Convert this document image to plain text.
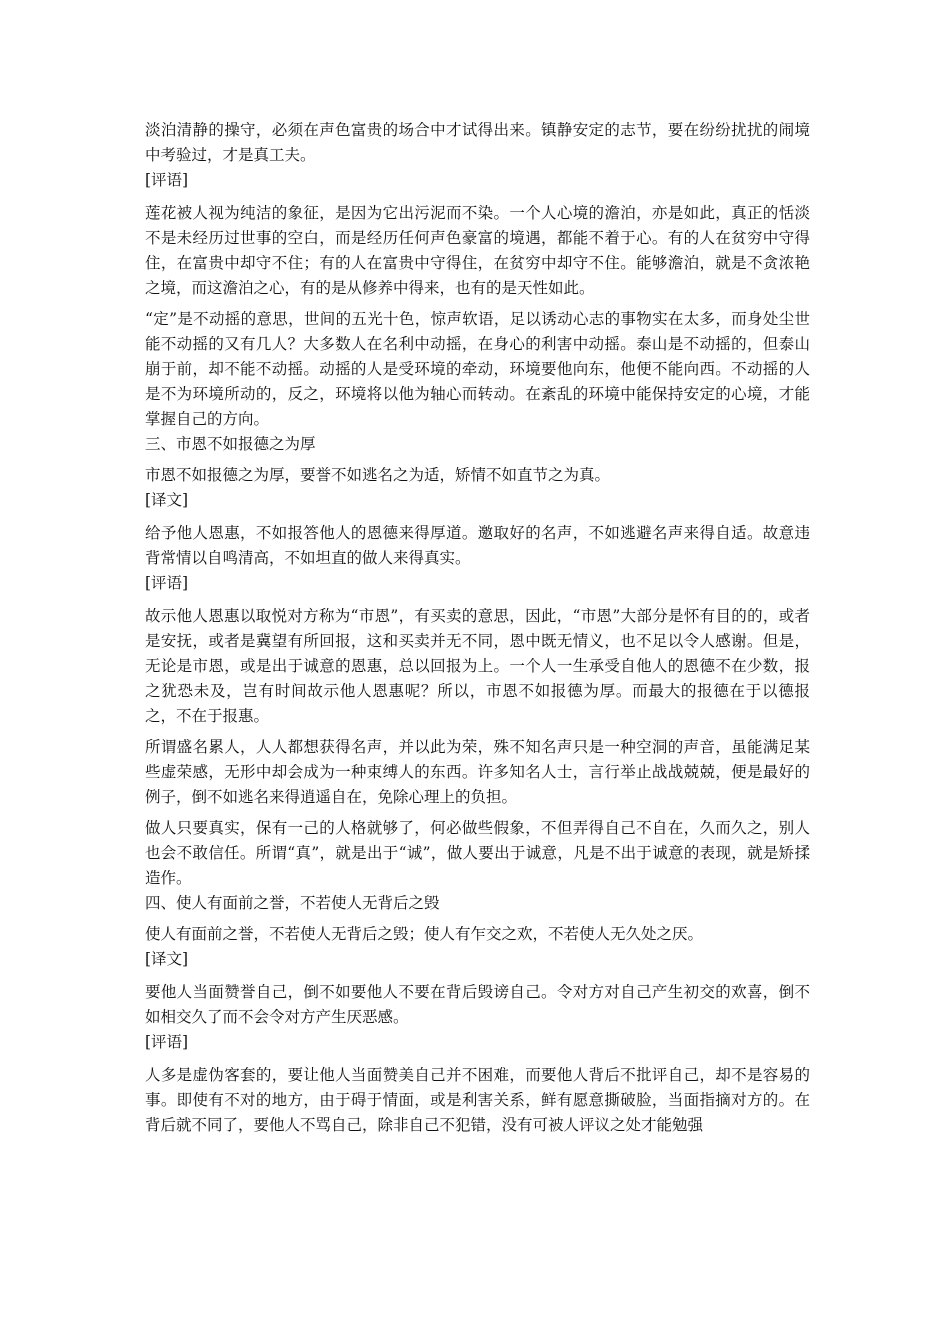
淡泊清静的操守，必须在声色富贵的场合中才试得出来。镇静安定的志节，要在纷纷扰扰的闹境中考验过，才是真工夫。

[评语]

莲花被人视为纯洁的象征，是因为它出污泥而不染。一个人心境的澹泊，亦是如此，真正的恬淡不是未经历过世事的空白，而是经历任何声色豪富的境遇，都能不着于心。有的人在贫穷中守得住，在富贵中却守不住；有的人在富贵中守得住，在贫穷中却守不住。能够澹泊，就是不贪浓艳之境，而这澹泊之心，有的是从修养中得来，也有的是天性如此。

“定”是不动摇的意思，世间的五光十色，惊声软语，足以诱动心志的事物实在太多，而身处尘世能不动摇的又有几人？大多数人在名利中动摇，在身心的利害中动摇。泰山是不动摇的，但泰山崩于前，却不能不动摇。动摇的人是受环境的牵动，环境要他向东，他便不能向西。不动摇的人是不为环境所动的，反之，环境将以他为轴心而转动。在紊乱的环境中能保持安定的心境，才能掌握自己的方向。

三、市恩不如报德之为厚

市恩不如报德之为厚，要誉不如逃名之为适，矫情不如直节之为真。

[译文]

给予他人恩惠，不如报答他人的恩德来得厚道。邀取好的名声，不如逃避名声来得自适。故意违背常情以自鸣清高，不如坦直的做人来得真实。

[评语]

故示他人恩惠以取悦对方称为“市恩”，有买卖的意思，因此，“市恩”大部分是怀有目的的，或者是安抚，或者是冀望有所回报，这和买卖并无不同，恩中既无情义，也不足以令人感谢。但是，无论是市恩，或是出于诚意的恩惠，总以回报为上。一个人一生承受自他人的恩德不在少数，报之犹恐未及，岂有时间故示他人恩惠呢？所以，市恩不如报德为厚。而最大的报德在于以德报之，不在于报惠。

所谓盛名累人，人人都想获得名声，并以此为荣，殊不知名声只是一种空洞的声音，虽能满足某些虚荣感，无形中却会成为一种束缚人的东西。许多知名人士，言行举止战战兢兢，便是最好的例子，倒不如逃名来得逍遥自在，免除心理上的负担。

做人只要真实，保有一己的人格就够了，何必做些假象，不但弄得自己不自在，久而久之，别人也会不敢信任。所谓“真”，就是出于“诚”，做人要出于诚意，凡是不出于诚意的表现，就是矫揉造作。

四、使人有面前之誉，不若使人无背后之毁

使人有面前之誉，不若使人无背后之毁；使人有乍交之欢，不若使人无久处之厌。

[译文]

要他人当面赞誉自己，倒不如要他人不要在背后毁谤自己。令对方对自己产生初交的欢喜，倒不如相交久了而不会令对方产生厌恶感。

[评语]

人多是虚伪客套的，要让他人当面赞美自己并不困难，而要他人背后不批评自己，却不是容易的事。即使有不对的地方，由于碍于情面，或是利害关系，鲜有愿意撕破脸，当面指摘对方的。在背后就不同了，要他人不骂自己，除非自己不犯错，没有可被人评议之处才能勉强
